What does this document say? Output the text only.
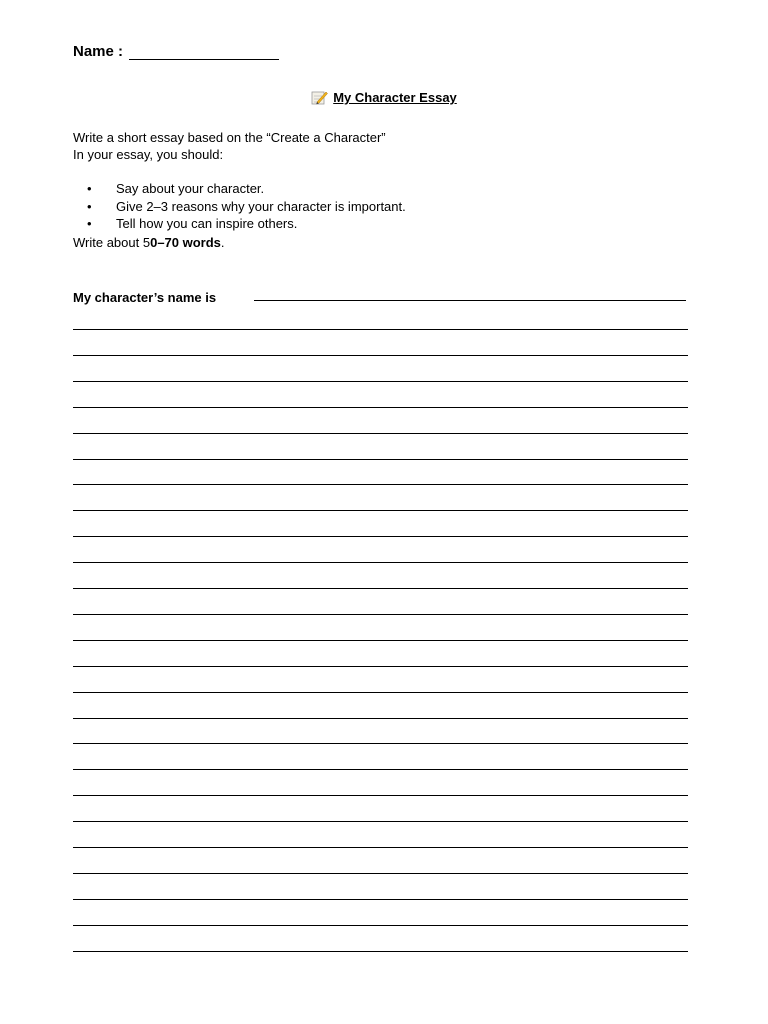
Name :
My Character Essay
Write a short essay based on the “Create a Character”
In your essay, you should:
• Say about your character.
• Give 2–3 reasons why your character is important.
• Tell how you can inspire others.
Write about 50–70 words.
My character’s name is
